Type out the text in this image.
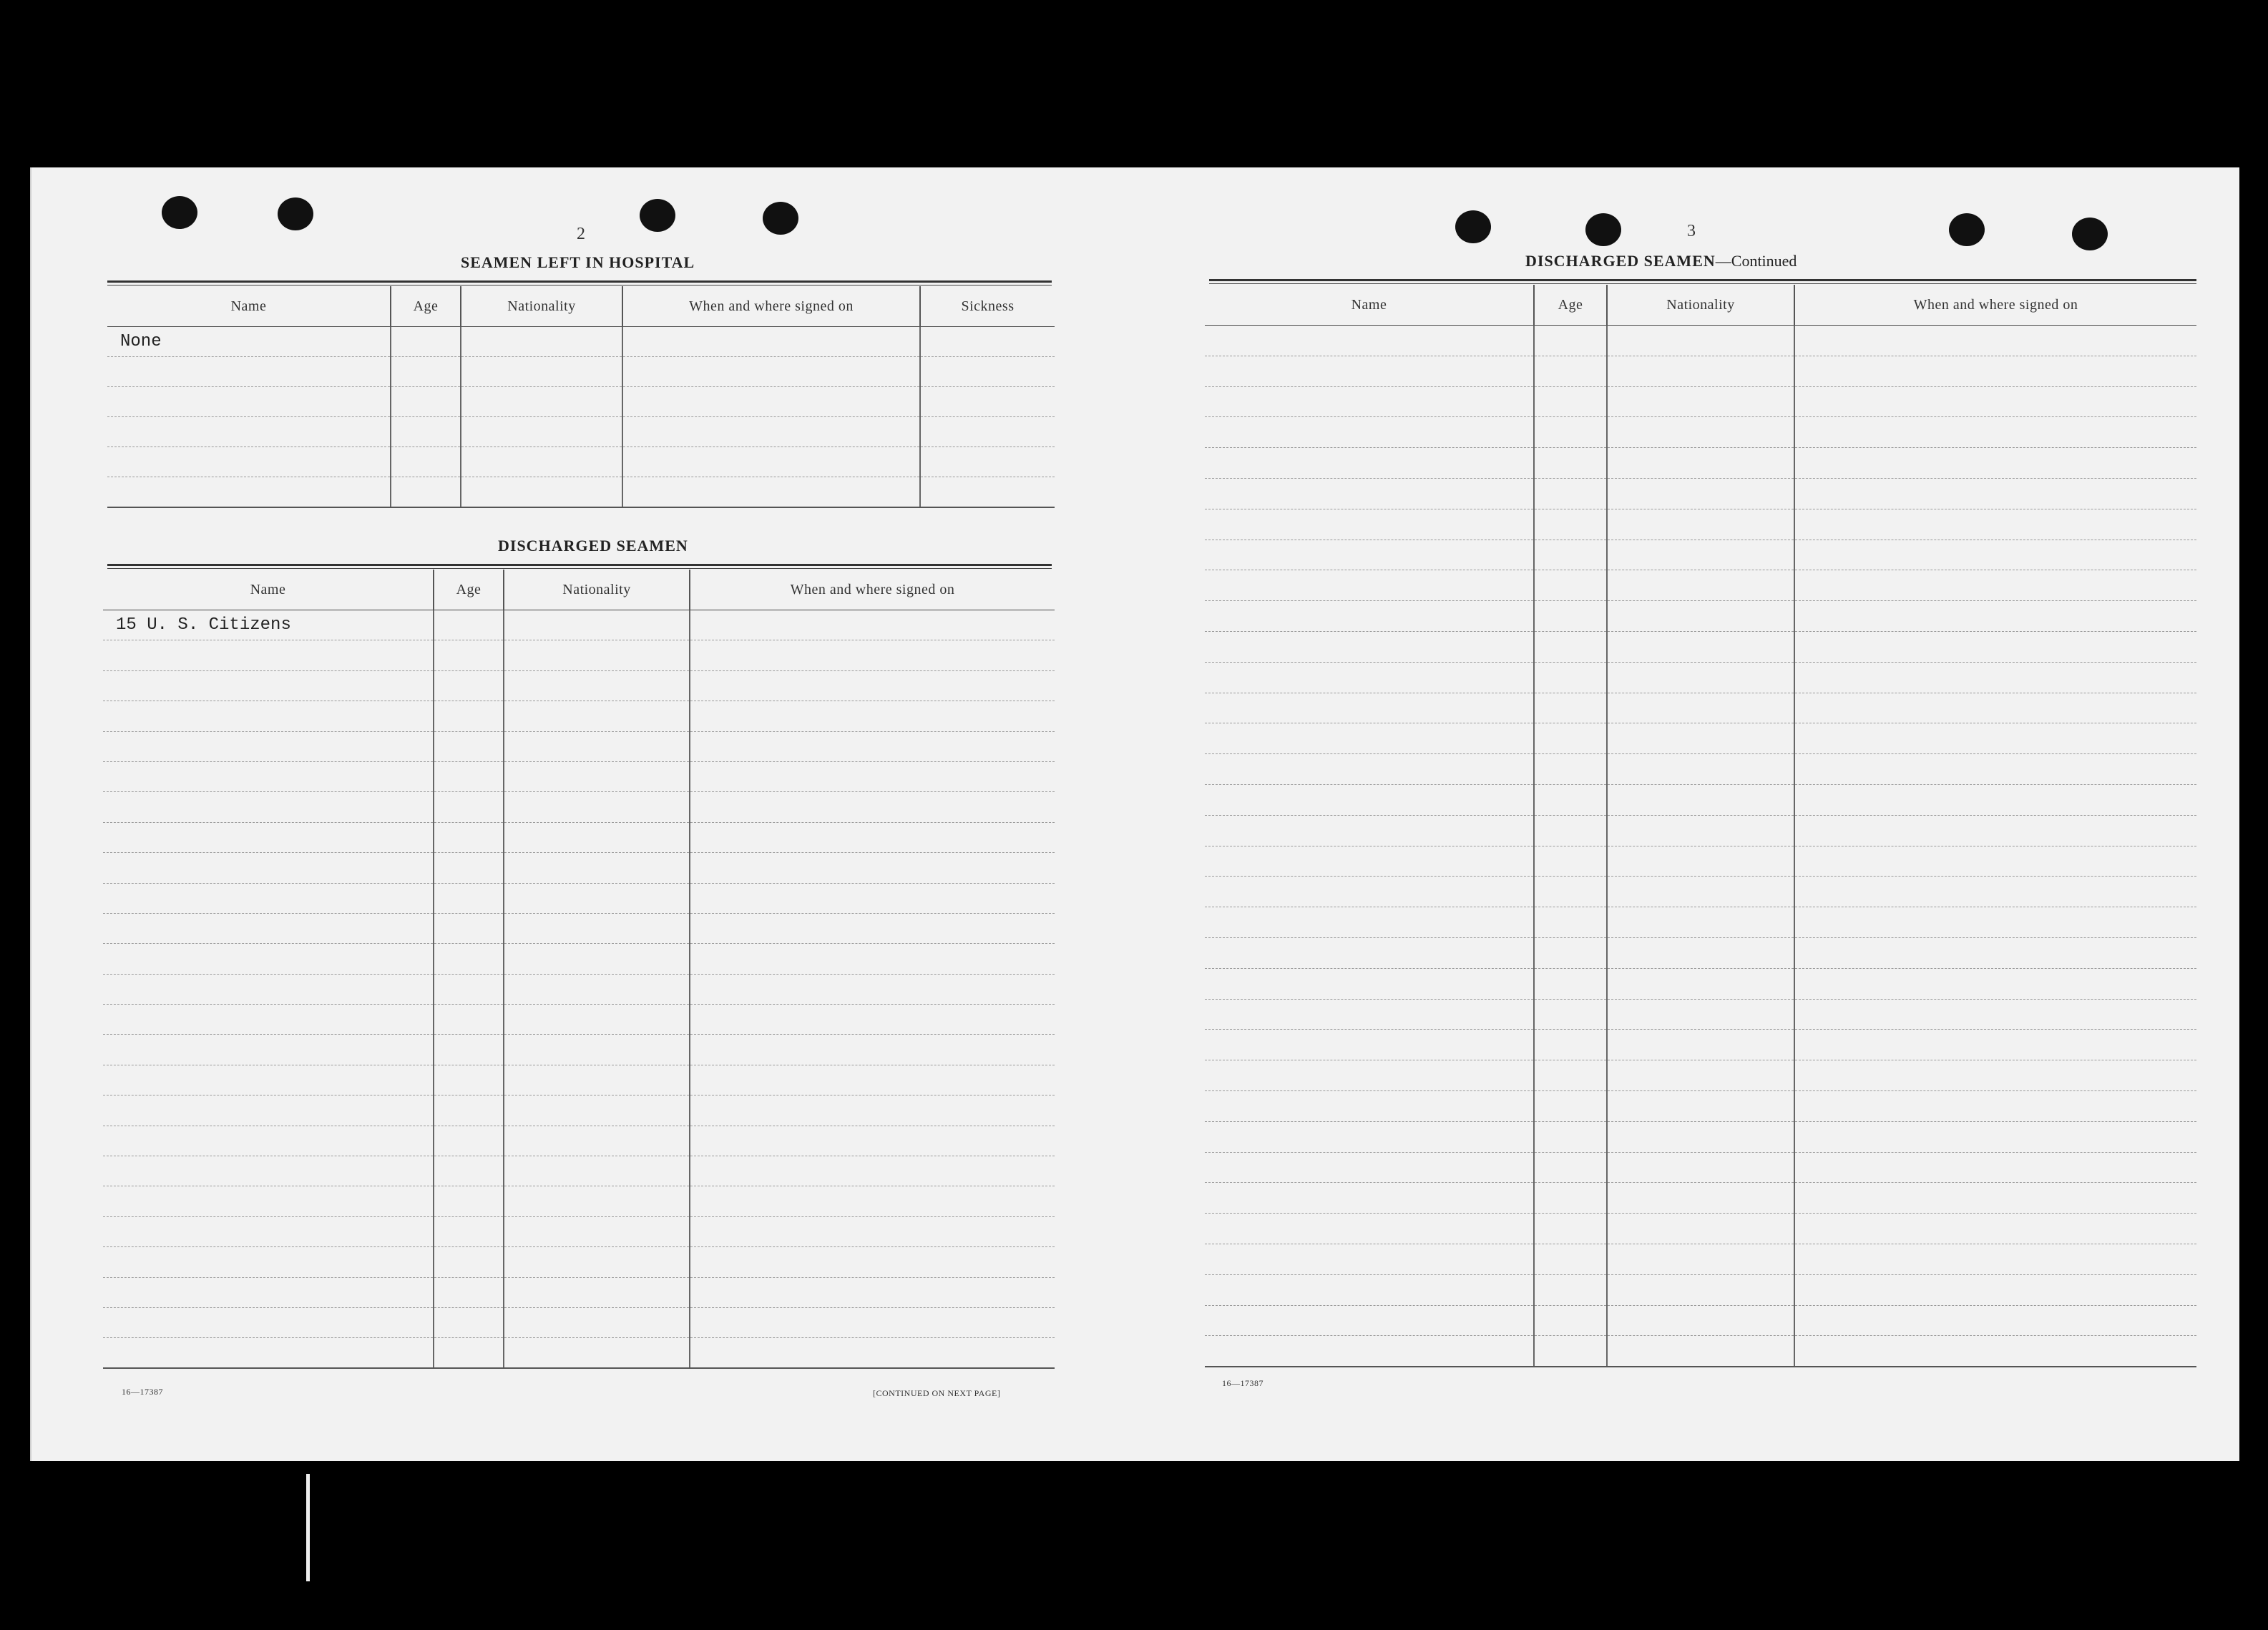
2
SEAMEN LEFT IN HOSPITAL
Name	Age	Nationality	When and where signed on	Sickness

None				

DISCHARGED SEAMEN
Name	Age	Nationality	When and where signed on

15 U. S. Citizens			

16—17387	[CONTINUED ON NEXT PAGE]
3
DISCHARGED SEAMEN—Continued
Name	Age	Nationality	When and where signed on

16—17387
